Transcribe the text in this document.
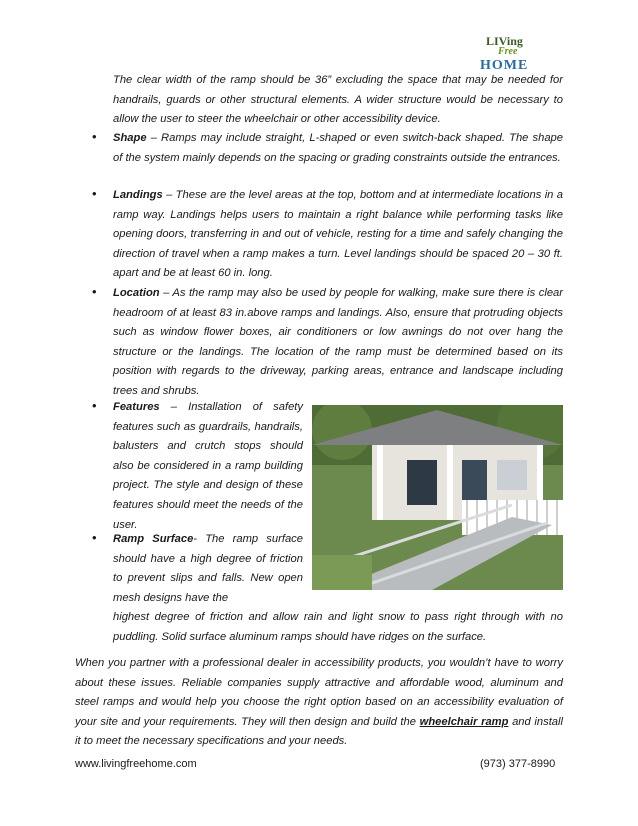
LIVing
Free
HOME

The clear width of the ramp should be 36” excluding the space that may be needed for handrails, guards or other structural elements. A wider structure would be necessary to allow the user to steer the wheelchair or other accessibility device.

• Shape – Ramps may include straight, L-shaped or even switch-back shaped. The shape of the system mainly depends on the spacing or grading constraints outside the entrances.

• Landings – These are the level areas at the top, bottom and at intermediate locations in a ramp way. Landings helps users to maintain a right balance while performing tasks like opening doors, transferring in and out of vehicle, resting for a time and safely changing the direction of travel when a ramp makes a turn. Level landings should be spaced 20 – 30 ft. apart and be at least 60 in. long.

• Location – As the ramp may also be used by people for walking, make sure there is clear headroom of at least 83 in.above ramps and landings. Also, ensure that protruding objects such as window flower boxes, air conditioners or low awnings do not over hang the structure or the landings. The location of the ramp must be determined based on its position with regards to the driveway, parking areas, entrance and landscape including trees and shrubs.

• Features – Installation of safety features such as guardrails, handrails, balusters and crutch stops should also be considered in a ramp building project. The style and design of these features should meet the needs of the user.

• Ramp Surface- The ramp surface should have a high degree of friction to prevent slips and falls. New open mesh designs have the

highest degree of friction and allow rain and light snow to pass right through with no puddling. Solid surface aluminum ramps should have ridges on the surface.

When you partner with a professional dealer in accessibility products, you wouldn’t have to worry about these issues. Reliable companies supply attractive and affordable wood, aluminum and steel ramps and would help you choose the right option based on an accessibility evaluation of your site and your requirements. They will then design and build the wheelchair ramp and install it to meet the necessary specifications and your needs.

www.livingfreehome.com	(973) 377-8990
